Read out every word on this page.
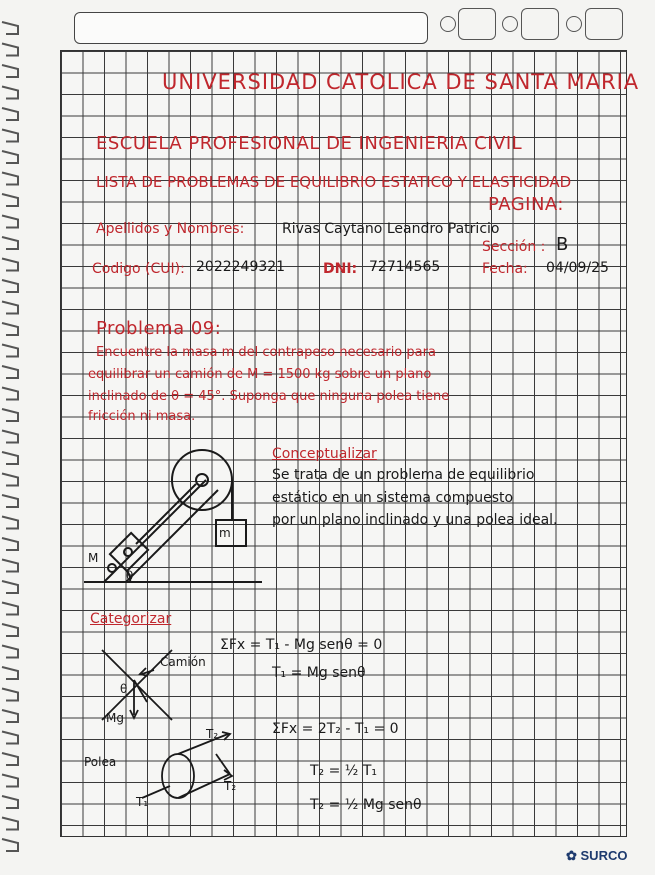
UNIVERSIDAD CATOLICA DE SANTA MARIA
ESCUELA PROFESIONAL DE INGENIERIA CIVIL
LISTA DE PROBLEMAS DE EQUILIBRIO ESTATICO Y ELASTICIDAD
PAGINA:
Apellidos y Nombres:	Rivas Caytano Leandro Patricio
Sección : B
Codigo (CUI): 2022249321	DNI: 72714565	Fecha: 04/09/25
Problema 09:
Encuentre la masa m del contrapeso necesario para
equilibrar un camión de M = 1500 kg sobre un plano
inclinado de θ = 45°. Suponga que ninguna polea tiene
fricción ni masa.
M
θ
m
Conceptualizar
Se trata de un problema de equilibrio
estático en un sistema compuesto
por un plano inclinado y una polea ideal.
Categorizar
Camión
θ
Mg
Polea
T₁
T₂
T₂
ΣFx = T₁ - Mg senθ = 0
T₁ = Mg senθ
ΣFx = 2T₂ - T₁ = 0
T₂ = ½ T₁
T₂ = ½ Mg senθ
✿ SURCO
